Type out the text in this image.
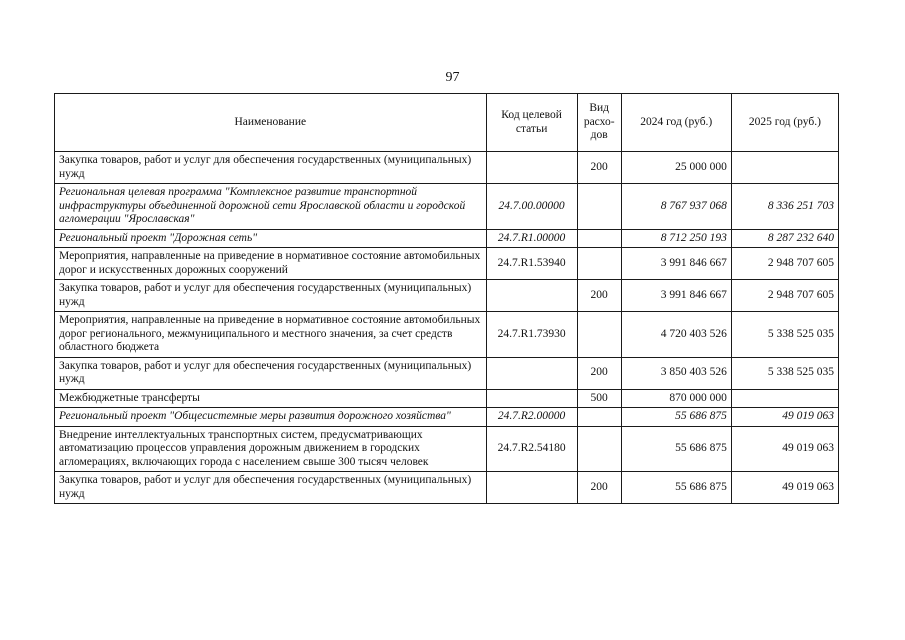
97
Наименование	Код целевой статьи	Вид расхо-дов	2024 год (руб.)	2025 год (руб.)
Закупка товаров, работ и услуг для обеспечения государственных (муниципальных) нужд		200	25 000 000	
Региональная целевая программа "Комплексное развитие транспортной инфраструктуры объединенной дорожной сети Ярославской области и городской агломерации "Ярославская"	24.7.00.00000		8 767 937 068	8 336 251 703
Региональный проект "Дорожная сеть"	24.7.R1.00000		8 712 250 193	8 287 232 640
Мероприятия, направленные на приведение в нормативное состояние автомобильных дорог и искусственных дорожных сооружений	24.7.R1.53940		3 991 846 667	2 948 707 605
Закупка товаров, работ и услуг для обеспечения государственных (муниципальных) нужд		200	3 991 846 667	2 948 707 605
Мероприятия, направленные на приведение в нормативное состояние автомобильных дорог регионального, межмуниципального и местного значения, за счет средств областного бюджета	24.7.R1.73930		4 720 403 526	5 338 525 035
Закупка товаров, работ и услуг для обеспечения государственных (муниципальных) нужд		200	3 850 403 526	5 338 525 035
Межбюджетные трансферты		500	870 000 000	
Региональный проект "Общесистемные меры развития дорожного хозяйства"	24.7.R2.00000		55 686 875	49 019 063
Внедрение интеллектуальных транспортных систем, предусматривающих автоматизацию процессов управления дорожным движением в городских агломерациях, включающих города с населением свыше 300 тысяч человек	24.7.R2.54180		55 686 875	49 019 063
Закупка товаров, работ и услуг для обеспечения государственных (муниципальных) нужд		200	55 686 875	49 019 063
